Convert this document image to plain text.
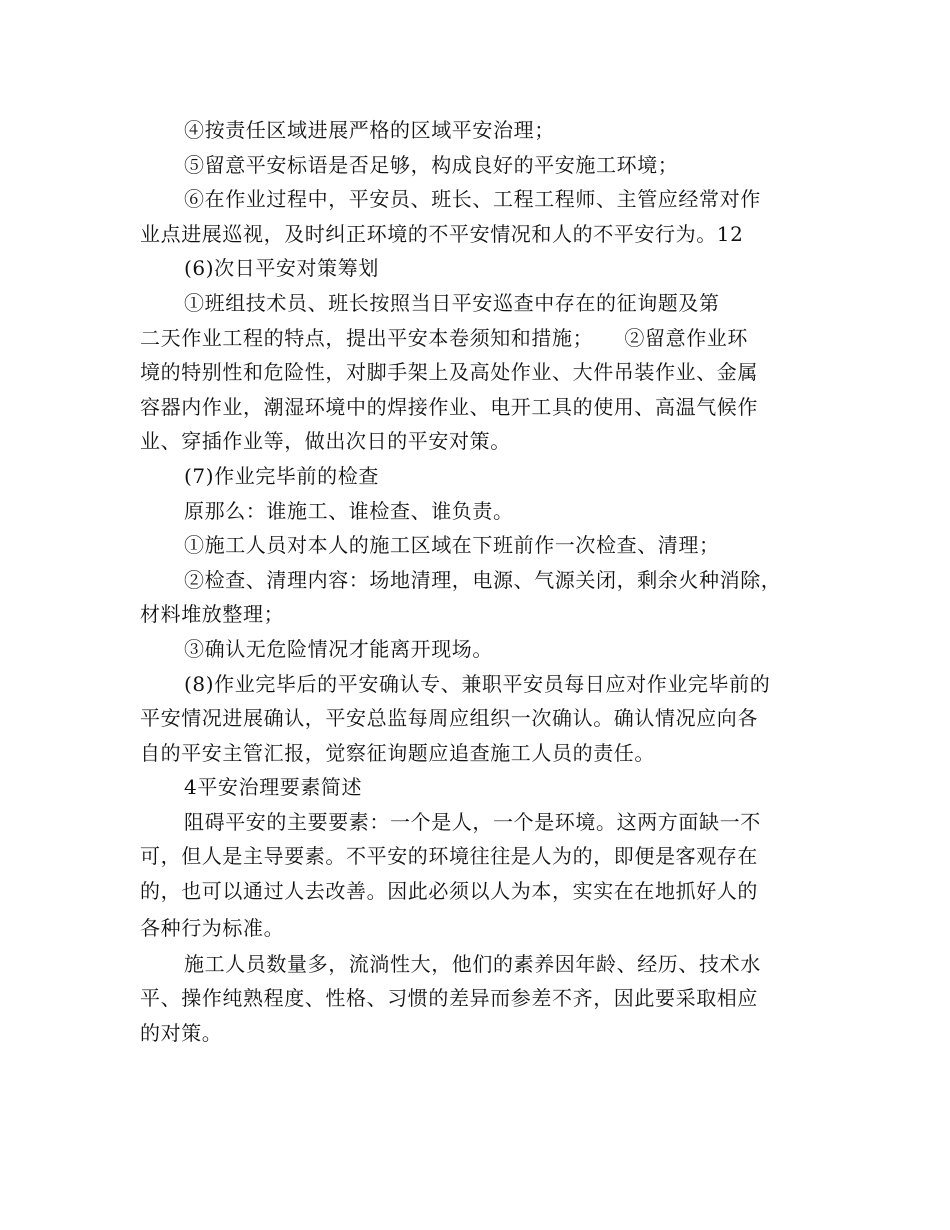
④按责任区域进展严格的区域平安治理；
⑤留意平安标语是否足够，构成良好的平安施工环境；
⑥在作业过程中，平安员、班长、工程工程师、主管应经常对作
业点进展巡视，及时纠正环境的不平安情况和人的不平安行为。12
(6)次日平安对策筹划
①班组技术员、班长按照当日平安巡查中存在的征询题及第
二天作业工程的特点，提出平安本卷须知和措施；　　②留意作业环
境的特别性和危险性，对脚手架上及高处作业、大件吊装作业、金属
容器内作业，潮湿环境中的焊接作业、电开工具的使用、高温气候作
业、穿插作业等，做出次日的平安对策。
(7)作业完毕前的检查
原那么：谁施工、谁检查、谁负责。
①施工人员对本人的施工区域在下班前作一次检查、清理；
②检查、清理内容：场地清理，电源、气源关闭，剩余火种消除，
材料堆放整理；
③确认无危险情况才能离开现场。
(8)作业完毕后的平安确认专、兼职平安员每日应对作业完毕前的
平安情况进展确认，平安总监每周应组织一次确认。确认情况应向各
自的平安主管汇报，觉察征询题应追查施工人员的责任。
4平安治理要素简述
阻碍平安的主要要素：一个是人，一个是环境。这两方面缺一不
可，但人是主导要素。不平安的环境往往是人为的，即便是客观存在
的，也可以通过人去改善。因此必须以人为本，实实在在地抓好人的
各种行为标准。
施工人员数量多，流淌性大，他们的素养因年龄、经历、技术水
平、操作纯熟程度、性格、习惯的差异而参差不齐，因此要采取相应
的对策。
